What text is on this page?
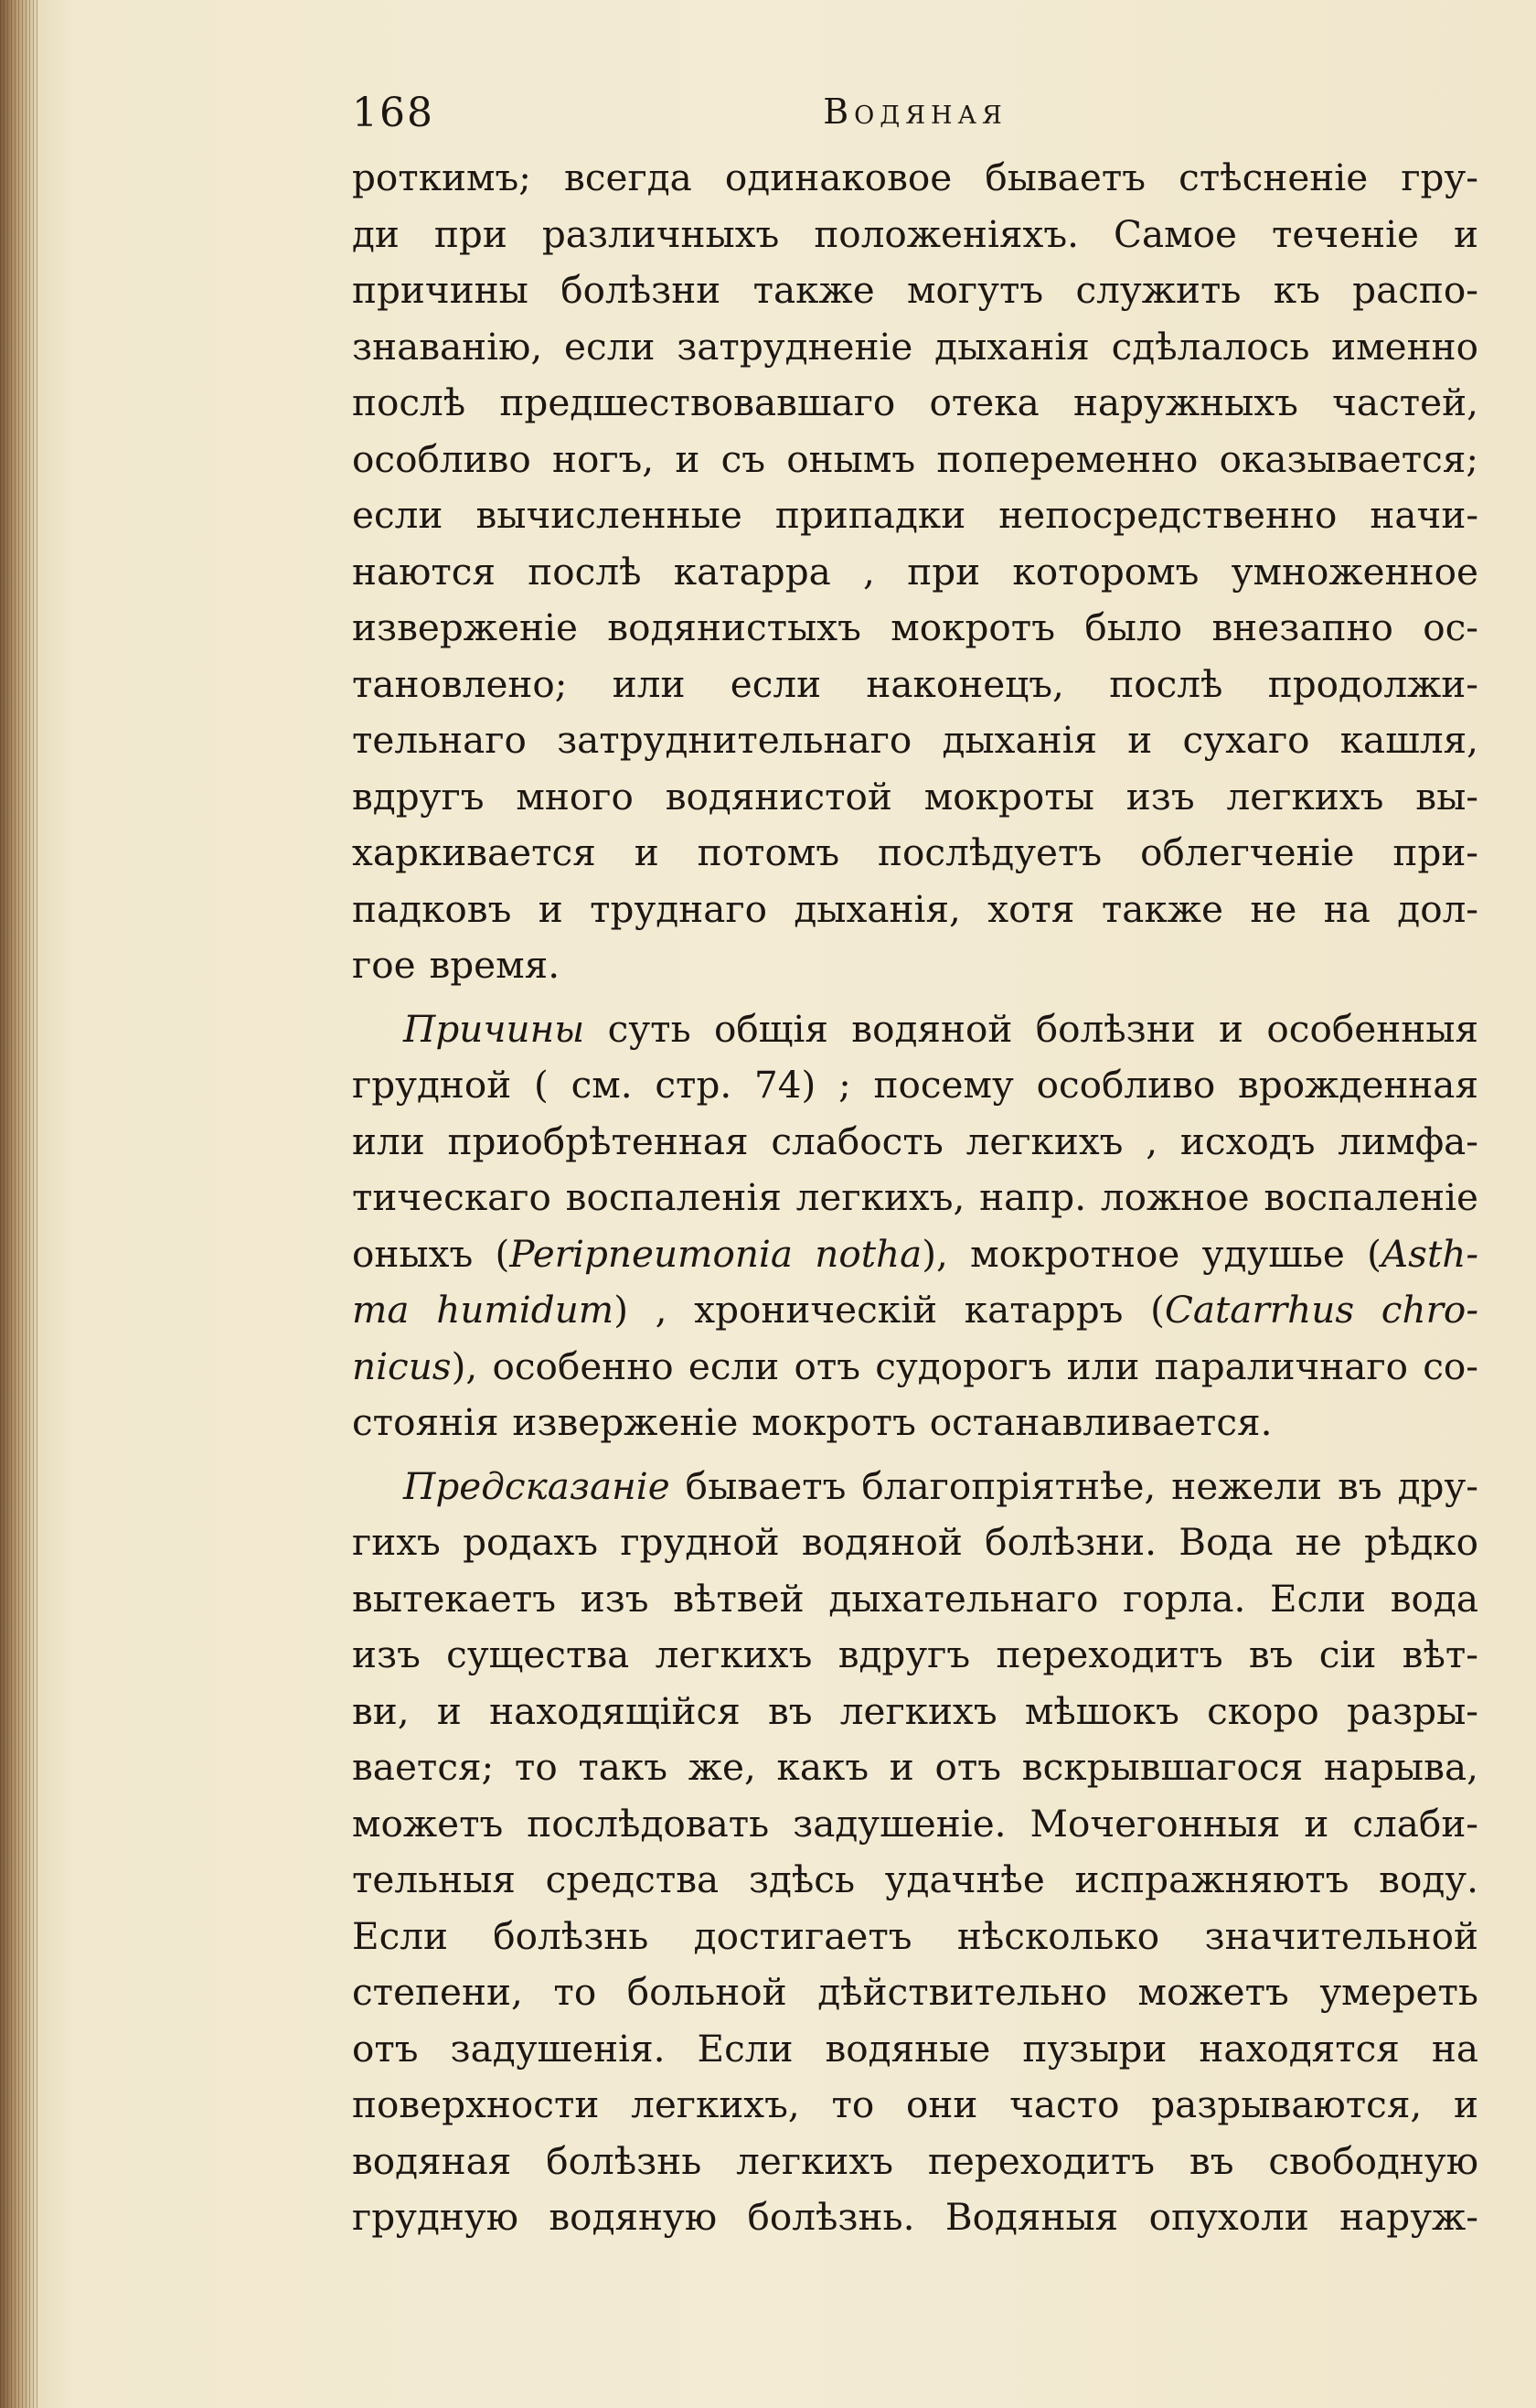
168	Водяная
роткимъ; всегда одинаковое бываетъ стѣсненіе гру-
ди при различныхъ положеніяхъ. Самое теченіе и
причины болѣзни также могутъ служить къ распо-
знаванію, если затрудненіе дыханія сдѣлалось именно
послѣ предшествовавшаго отека наружныхъ частей,
особливо ногъ, и съ онымъ попеременно оказывается;
если вычисленные припадки непосредственно начи-
наются послѣ катарра , при которомъ умноженное
изверженіе водянистыхъ мокротъ было внезапно ос-
тановлено; или если наконецъ, послѣ продолжи-
тельнаго затруднительнаго дыханія и сухаго кашля,
вдругъ много водянистой мокроты изъ легкихъ вы-
харкивается и потомъ послѣдуетъ облегченіе при-
падковъ и труднаго дыханія, хотя также не на дол-
гое время.
Причины суть общія водяной болѣзни и особенныя
грудной ( см. стр. 74) ; посему особливо врожденная
или приобрѣтенная слабость легкихъ , исходъ лимфа-
тическаго воспаленія легкихъ, напр. ложное воспаленіе
оныхъ (Peripneumonia notha), мокротное удушье (Asth-
ma humidum) , хроническій катарръ (Catarrhus chro-
nicus), особенно если отъ судорогъ или параличнаго со-
стоянія изверженіе мокротъ останавливается.
Предсказаніе бываетъ благопріятнѣе, нежели въ дру-
гихъ родахъ грудной водяной болѣзни. Вода не рѣдко
вытекаетъ изъ вѣтвей дыхательнаго горла. Если вода
изъ существа легкихъ вдругъ переходитъ въ сіи вѣт-
ви, и находящійся въ легкихъ мѣшокъ скоро разры-
вается; то такъ же, какъ и отъ вскрывшагося нарыва,
можетъ послѣдовать задушеніе. Мочегонныя и слаби-
тельныя средства здѣсь удачнѣе испражняютъ воду.
Если болѣзнь достигаетъ нѣсколько значительной
степени, то больной дѣйствительно можетъ умереть
отъ задушенія. Если водяные пузыри находятся на
поверхности легкихъ, то они часто разрываются, и
водяная болѣзнь легкихъ переходитъ въ свободную
грудную водяную болѣзнь. Водяныя опухоли наруж-
